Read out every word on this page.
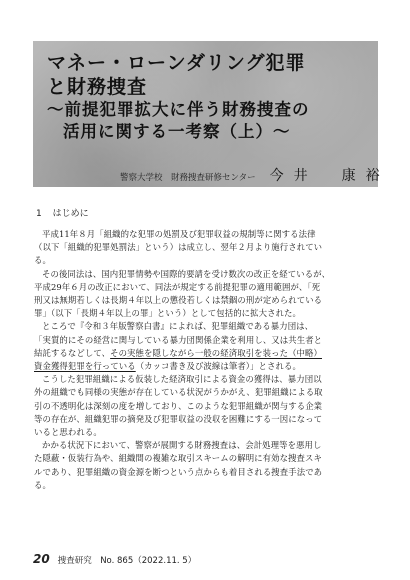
マネー・ローンダリング犯罪
と財務捜査
〜前提犯罪拡大に伴う財務捜査の
活用に関する一考察（上）〜
警察大学校　財務捜査研修センター 今井　康裕
1 はじめに

平成11年８月「組織的な犯罪の処罰及び犯罪収益の規制等に関する法律
（以下「組織的犯罪処罰法」という）は成立し、翌年２月より施行されてい
る。

その後同法は、国内犯罪情勢や国際的要請を受け数次の改正を経ているが、
平成29年６月の改正において、同法が規定する前提犯罪の適用範囲が、「死
刑又は無期若しくは長期４年以上の懲役若しくは禁錮の刑が定められている
罪」（以下「長期４年以上の罪」という）として包括的に拡大された。

ところで『令和３年版警察白書』によれば、犯罪組織である暴力団は、
「実質的にその経営に関与している暴力団関係企業を利用し、又は共生者と
結託するなどして、その実態を隠しながら一般の経済取引を装った（中略）
資金獲得犯罪を行っている（カッコ書き及び波線は筆者）」とされる。

こうした犯罪組織による仮装した経済取引による資金の獲得は、暴力団以
外の組織でも同様の実態が存在している状況がうかがえ、犯罪組織による取
引の不透明化は深刻の度を増しており、このような犯罪組織が関与する企業
等の存在が、組織犯罪の摘発及び犯罪収益の没収を困難にする一因になって
いると思われる。

かかる状況下において、警察が展開する財務捜査は、会計処理等を悪用し
た隠蔽・仮装行為や、組織間の複雑な取引スキームの解明に有効な捜査スキ
ルであり、犯罪組織の資金源を断つという点からも着目される捜査手法であ
る。

20 捜査研究　No. 865（2022.11. 5）
